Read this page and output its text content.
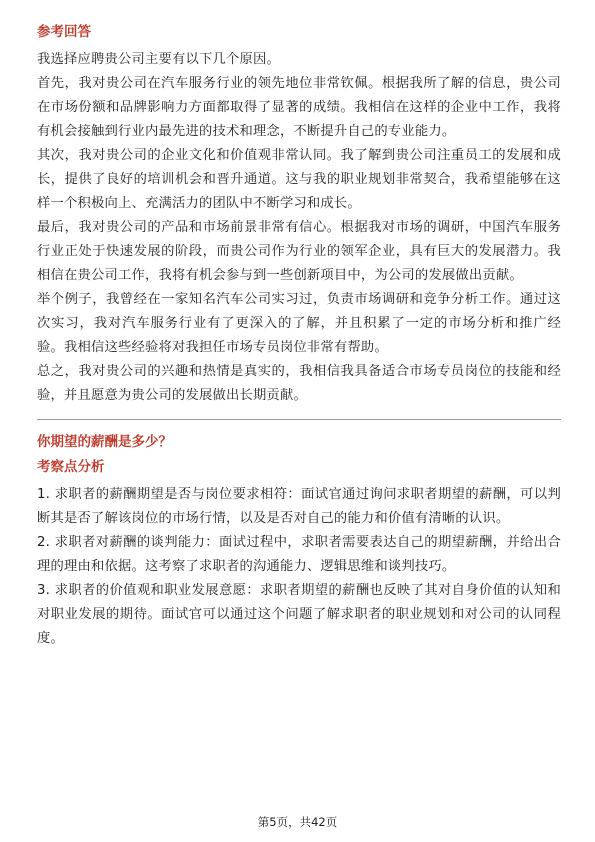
参考回答

我选择应聘贵公司主要有以下几个原因。

首先，我对贵公司在汽车服务行业的领先地位非常钦佩。根据我所了解的信息，贵公司在市场份额和品牌影响力方面都取得了显著的成绩。我相信在这样的企业中工作，我将有机会接触到行业内最先进的技术和理念，不断提升自己的专业能力。

其次，我对贵公司的企业文化和价值观非常认同。我了解到贵公司注重员工的发展和成长，提供了良好的培训机会和晋升通道。这与我的职业规划非常契合，我希望能够在这样一个积极向上、充满活力的团队中不断学习和成长。

最后，我对贵公司的产品和市场前景非常有信心。根据我对市场的调研，中国汽车服务行业正处于快速发展的阶段，而贵公司作为行业的领军企业，具有巨大的发展潜力。我相信在贵公司工作，我将有机会参与到一些创新项目中，为公司的发展做出贡献。

举个例子，我曾经在一家知名汽车公司实习过，负责市场调研和竞争分析工作。通过这次实习，我对汽车服务行业有了更深入的了解，并且积累了一定的市场分析和推广经验。我相信这些经验将对我担任市场专员岗位非常有帮助。

总之，我对贵公司的兴趣和热情是真实的，我相信我具备适合市场专员岗位的技能和经验，并且愿意为贵公司的发展做出长期贡献。

你期望的薪酬是多少？

考察点分析

1. 求职者的薪酬期望是否与岗位要求相符：面试官通过询问求职者期望的薪酬，可以判断其是否了解该岗位的市场行情，以及是否对自己的能力和价值有清晰的认识。

2. 求职者对薪酬的谈判能力：面试过程中，求职者需要表达自己的期望薪酬，并给出合理的理由和依据。这考察了求职者的沟通能力、逻辑思维和谈判技巧。

3. 求职者的价值观和职业发展意愿：求职者期望的薪酬也反映了其对自身价值的认知和对职业发展的期待。面试官可以通过这个问题了解求职者的职业规划和对公司的认同程度。

第5页，共42页
